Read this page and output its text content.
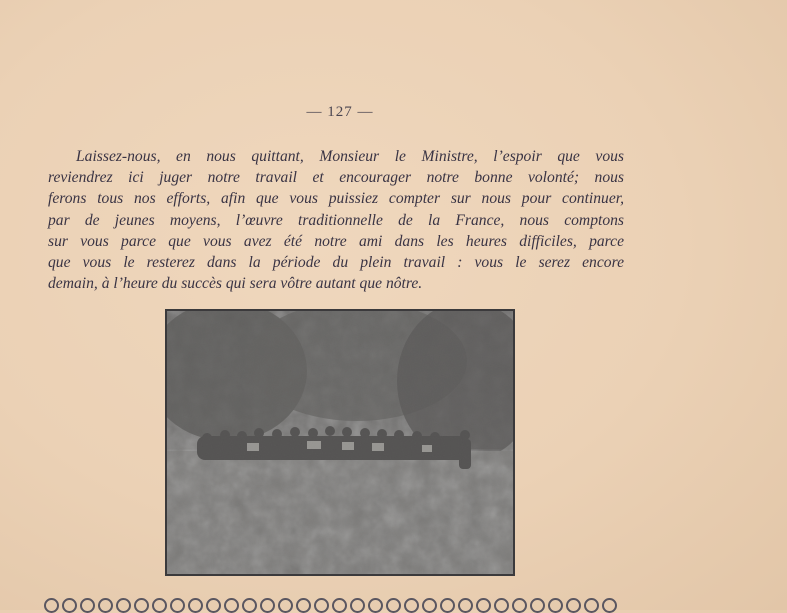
— 127 —
Laissez-nous, en nous quittant, Monsieur le Ministre, l’espoir que vous
reviendrez ici juger notre travail et encourager notre bonne volonté; nous
ferons tous nos efforts, afin que vous puissiez compter sur nous pour continuer,
par de jeunes moyens, l’œuvre traditionnelle de la France, nous comptons
sur vous parce que vous avez été notre ami dans les heures difficiles, parce
que vous le resterez dans la période du plein travail : vous le serez encore
demain, à l’heure du succès qui sera vôtre autant que nôtre.
